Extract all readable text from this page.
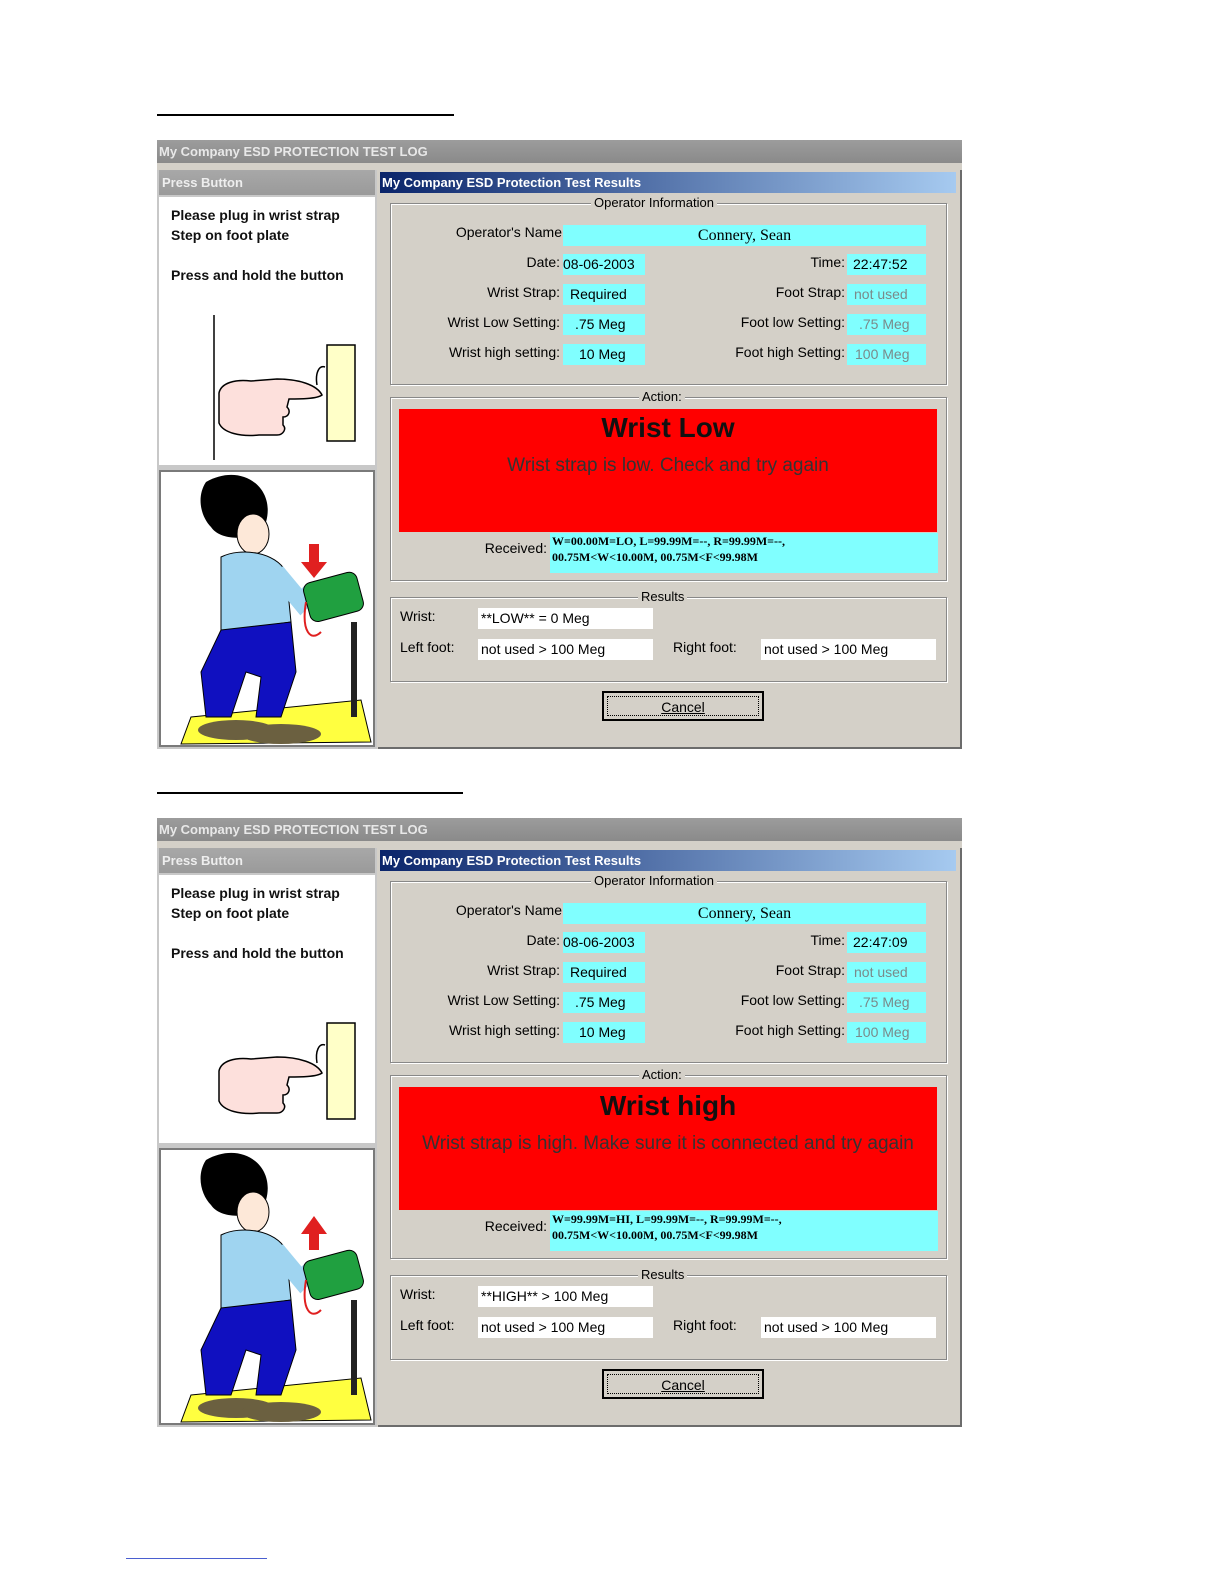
My Company ESD PROTECTION TEST LOG
Press Button
Please plug in wrist strap
Step on foot plate
Press and hold the button
My Company ESD Protection Test Results
Operator Information
Operator's Name	Connery, Sean
Date: 08-06-2003	Time: 22:47:52
Wrist Strap: Required	Foot Strap: not used
Wrist Low Setting:	.75 Meg	Foot low Setting:	.75 Meg
Wrist high setting:	10 Meg	Foot high Setting: 100 Meg
Action:
Wrist Low
Wrist strap is low. Check and try again
Received: W=00.00M=LO, L=99.99M=--, R=99.99M=--,
00.75M<W<10.00M, 00.75M<F<99.98M
Results
Wrist:	**LOW** = 0 Meg
Left foot: not used > 100 Meg	Right foot: not used > 100 Meg
Cancel
My Company ESD PROTECTION TEST LOG
Press Button
Please plug in wrist strap
Step on foot plate
Press and hold the button
My Company ESD Protection Test Results
Operator Information
Operator's Name	Connery, Sean
Date: 08-06-2003	Time: 22:47:09
Wrist Strap: Required	Foot Strap: not used
Wrist Low Setting:	.75 Meg	Foot low Setting:	.75 Meg
Wrist high setting:	10 Meg	Foot high Setting: 100 Meg
Action:
Wrist high
Wrist strap is high. Make sure it is connected and try again
Received: W=99.99M=HI, L=99.99M=--, R=99.99M=--,
00.75M<W<10.00M, 00.75M<F<99.98M
Results
Wrist:	**HIGH** > 100 Meg
Left foot: not used > 100 Meg	Right foot: not used > 100 Meg
Cancel
